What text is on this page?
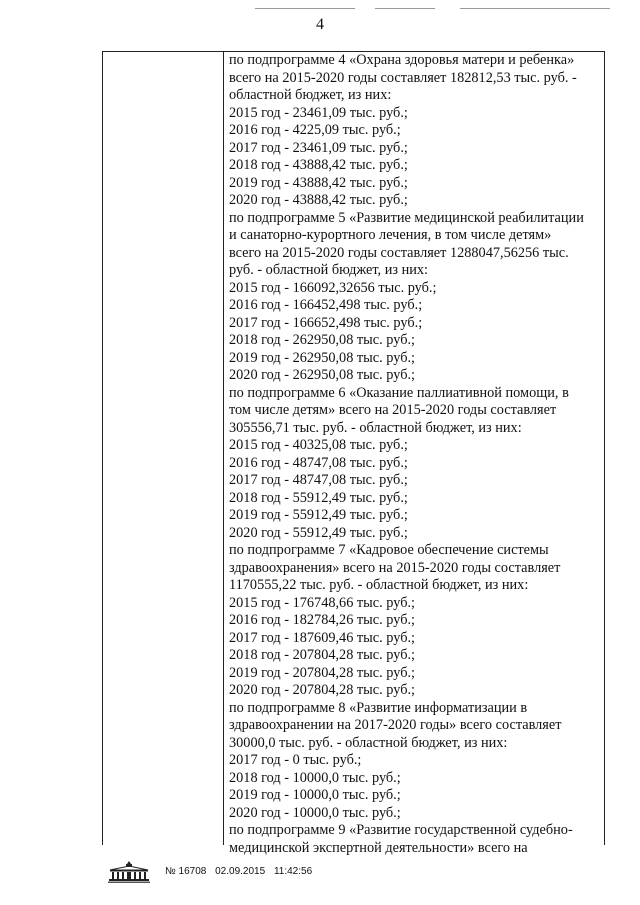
4
по подпрограмме 4 «Охрана здоровья матери и ребенка»
всего на 2015-2020 годы составляет 182812,53 тыс. руб. -
областной бюджет, из них:
2015 год - 23461,09 тыс. руб.;
2016 год - 4225,09 тыс. руб.;
2017 год - 23461,09 тыс. руб.;
2018 год - 43888,42 тыс. руб.;
2019 год - 43888,42 тыс. руб.;
2020 год - 43888,42 тыс. руб.;
по подпрограмме 5 «Развитие медицинской реабилитации
и санаторно-курортного лечения, в том числе детям»
всего на 2015-2020 годы составляет 1288047,56256 тыс.
руб. - областной бюджет, из них:
2015 год - 166092,32656 тыс. руб.;
2016 год - 166452,498 тыс. руб.;
2017 год - 166652,498 тыс. руб.;
2018 год - 262950,08 тыс. руб.;
2019 год - 262950,08 тыс. руб.;
2020 год - 262950,08 тыс. руб.;
по подпрограмме 6 «Оказание паллиативной помощи, в
том числе детям» всего на 2015-2020 годы составляет
305556,71 тыс. руб. - областной бюджет, из них:
2015 год - 40325,08 тыс. руб.;
2016 год - 48747,08 тыс. руб.;
2017 год - 48747,08 тыс. руб.;
2018 год - 55912,49 тыс. руб.;
2019 год - 55912,49 тыс. руб.;
2020 год - 55912,49 тыс. руб.;
по подпрограмме 7 «Кадровое обеспечение системы
здравоохранения» всего на 2015-2020 годы составляет
1170555,22 тыс. руб. - областной бюджет, из них:
2015 год - 176748,66 тыс. руб.;
2016 год - 182784,26 тыс. руб.;
2017 год - 187609,46 тыс. руб.;
2018 год - 207804,28 тыс. руб.;
2019 год - 207804,28 тыс. руб.;
2020 год - 207804,28 тыс. руб.;
по подпрограмме 8 «Развитие информатизации в
здравоохранении на 2017-2020 годы» всего составляет
30000,0 тыс. руб. - областной бюджет, из них:
2017 год - 0 тыс. руб.;
2018 год - 10000,0 тыс. руб.;
2019 год - 10000,0 тыс. руб.;
2020 год - 10000,0 тыс. руб.;
по подпрограмме 9 «Развитие государственной судебно-
медицинской экспертной деятельности» всего на
№ 16708 02.09.2015 11:42:56
